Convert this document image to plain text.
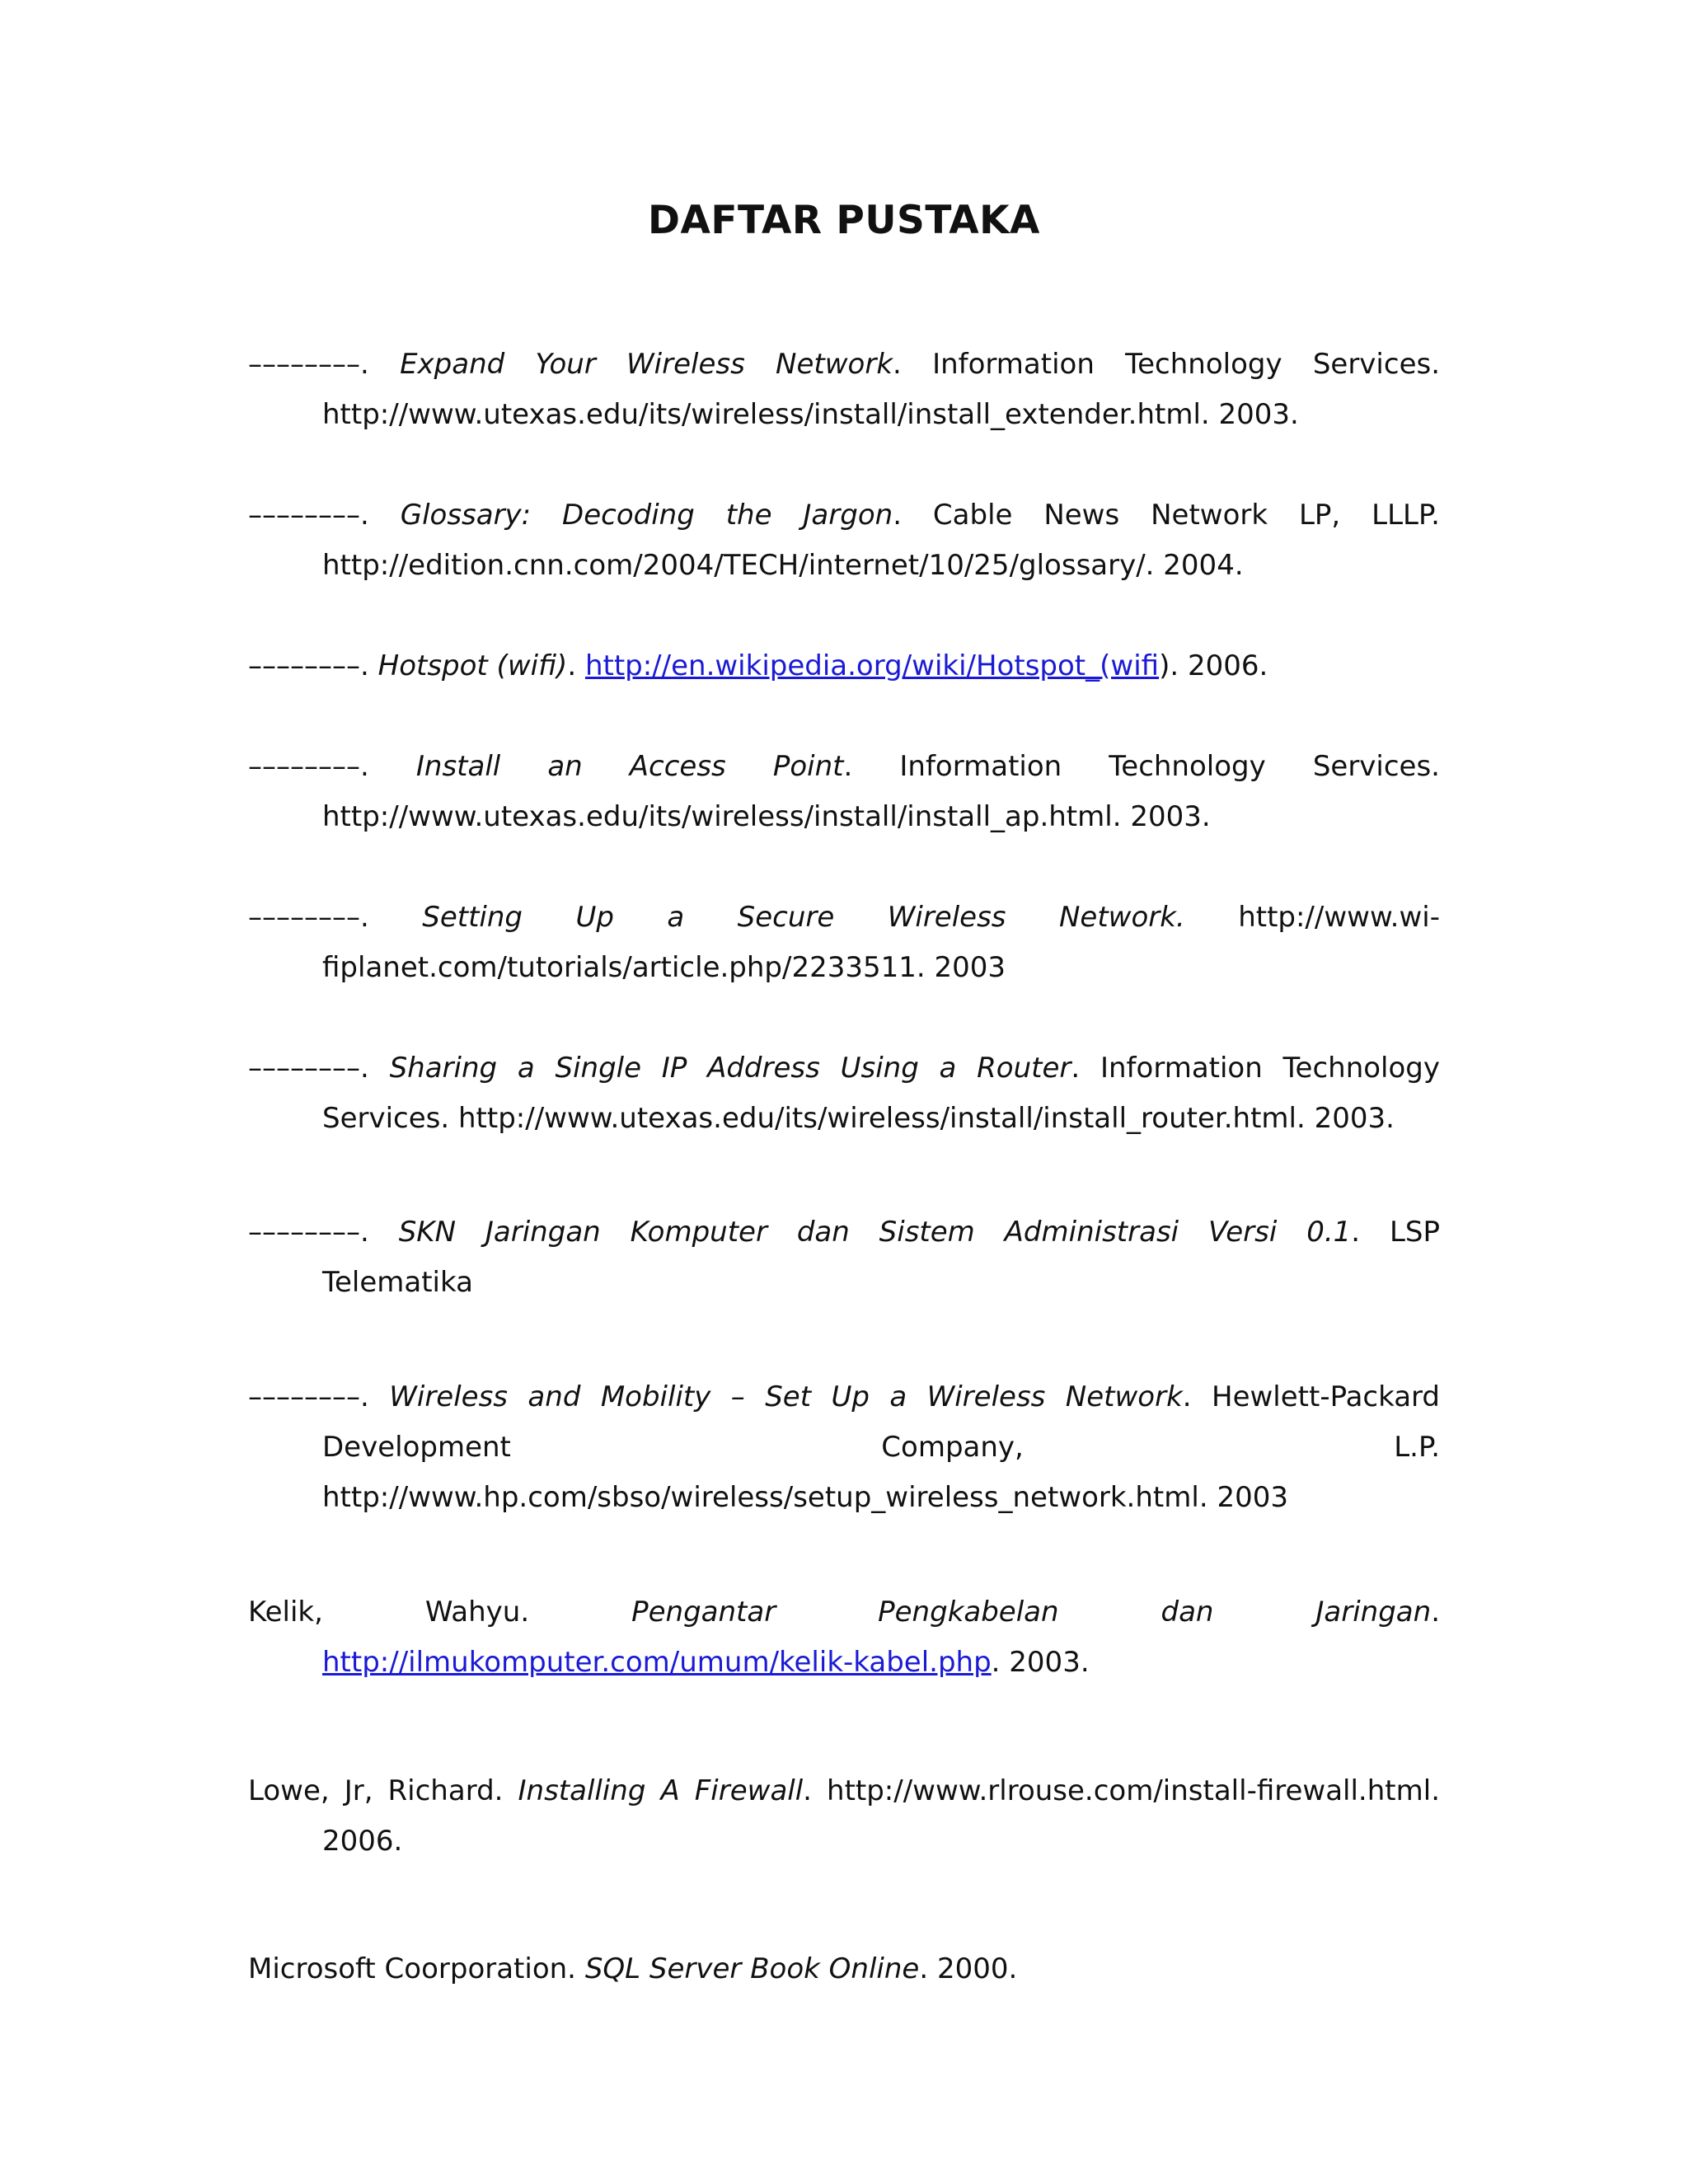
DAFTAR PUSTAKA
––––––––. Expand Your Wireless Network. Information Technology Services.
http://www.utexas.edu/its/wireless/install/install_extender.html. 2003.
––––––––. Glossary: Decoding the Jargon. Cable News Network LP, LLLP.
http://edition.cnn.com/2004/TECH/internet/10/25/glossary/. 2004.
––––––––. Hotspot (wifi). http://en.wikipedia.org/wiki/Hotspot_(wifi). 2006.
––––––––. Install an Access Point. Information Technology Services.
http://www.utexas.edu/its/wireless/install/install_ap.html. 2003.
––––––––. Setting Up a Secure Wireless Network. http://www.wi-
fiplanet.com/tutorials/article.php/2233511. 2003
––––––––. Sharing a Single IP Address Using a Router. Information Technology
Services. http://www.utexas.edu/its/wireless/install/install_router.html. 2003.
––––––––. SKN Jaringan Komputer dan Sistem Administrasi Versi 0.1. LSP
Telematika
––––––––. Wireless and Mobility – Set Up a Wireless Network. Hewlett-Packard
Development	Company,	L.P.
http://www.hp.com/sbso/wireless/setup_wireless_network.html. 2003
Kelik,	Wahyu.	Pengantar	Pengkabelan	dan	Jaringan.
http://ilmukomputer.com/umum/kelik-kabel.php. 2003.
Lowe, Jr, Richard. Installing A Firewall. http://www.rlrouse.com/install-firewall.html.
2006.
Microsoft Coorporation. SQL Server Book Online. 2000.
